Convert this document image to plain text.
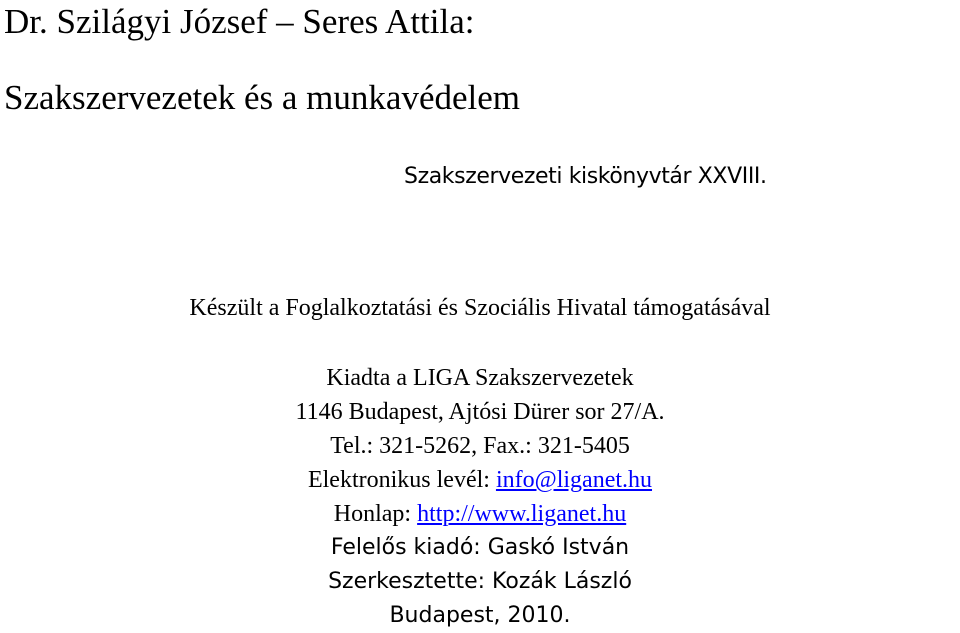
Dr. Szilágyi József – Seres Attila:
Szakszervezetek és a munkavédelem
Szakszervezeti kiskönyvtár XXVIII.
Készült a Foglalkoztatási és Szociális Hivatal támogatásával
Kiadta a LIGA Szakszervezetek
1146 Budapest, Ajtósi Dürer sor 27/A.
Tel.: 321-5262, Fax.: 321-5405
Elektronikus levél: info@liganet.hu
Honlap: http://www.liganet.hu
Felelős kiadó: Gaskó István
Szerkesztette: Kozák László
Budapest, 2010.
